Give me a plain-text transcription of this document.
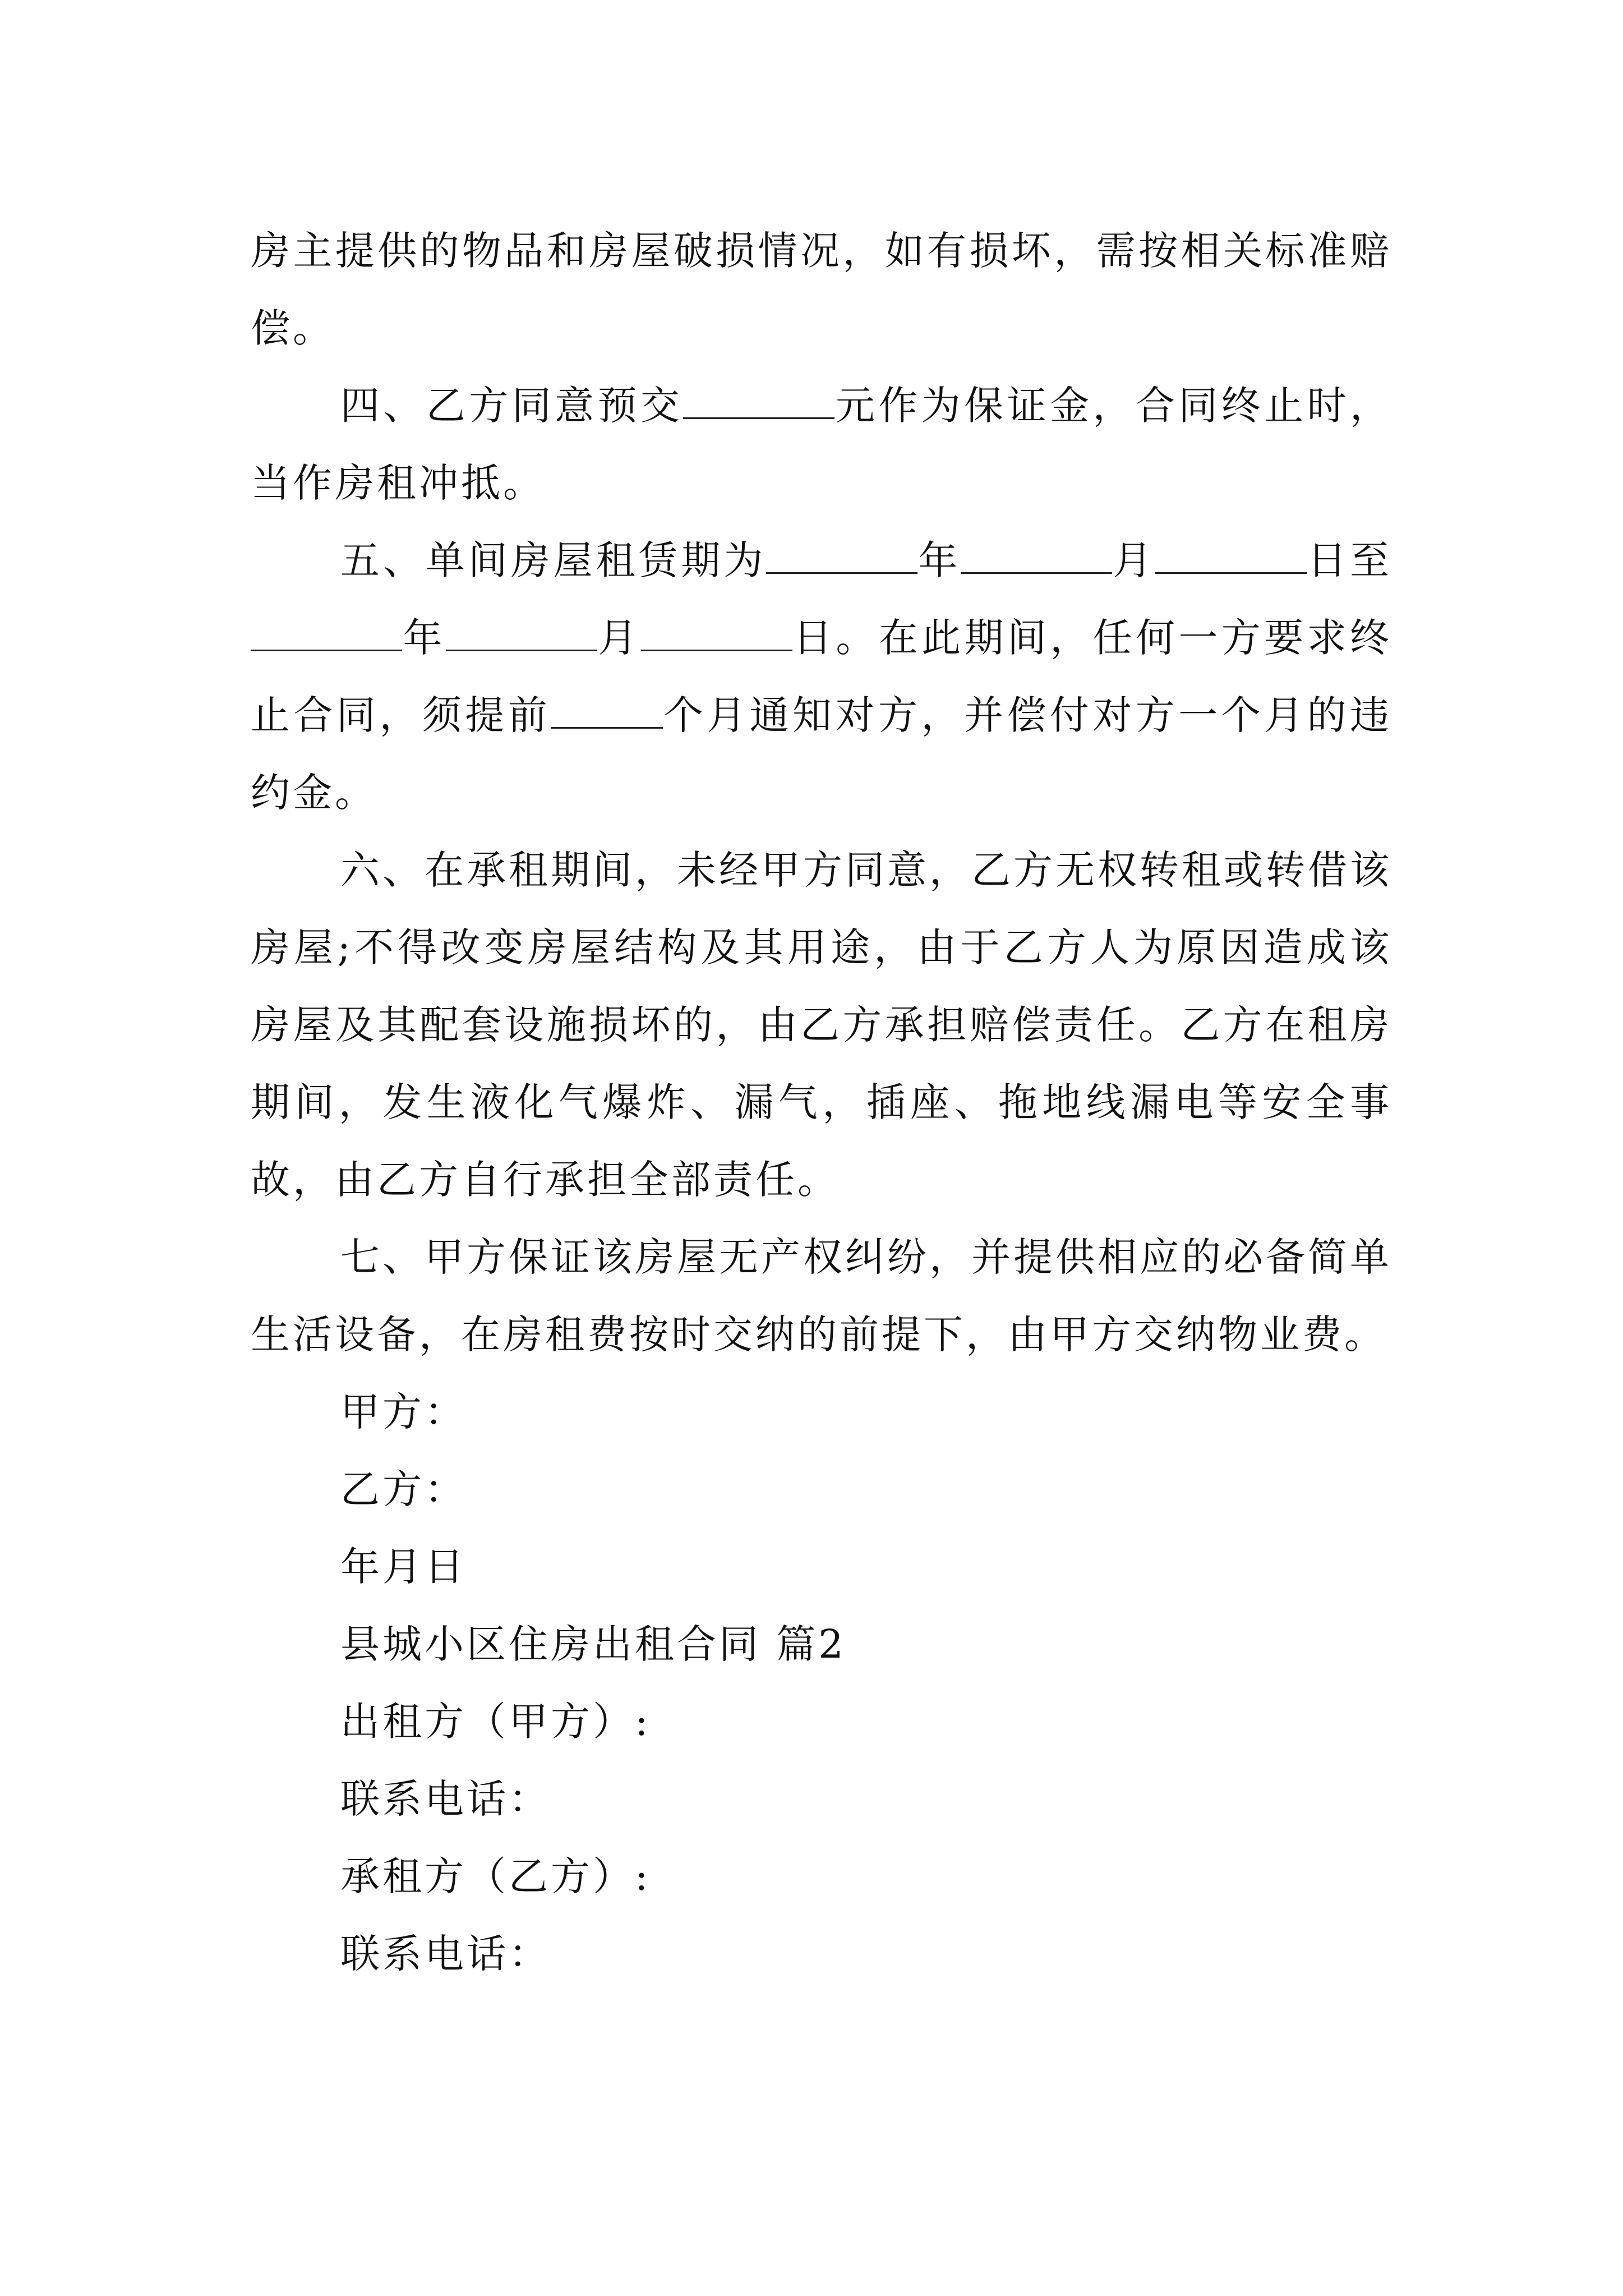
房主提供的物品和房屋破损情况，如有损坏，需按相关标准赔偿。

四、乙方同意预交	元作为保证金，合同终止时，当作房租冲抵。

五、单间房屋租赁期为	年	月	日至年	月	日。在此期间，任何一方要求终止合同，须提前	个月通知对方，并偿付对方一个月的违约金。

六、在承租期间，未经甲方同意，乙方无权转租或转借该房屋;不得改变房屋结构及其用途，由于乙方人为原因造成该房屋及其配套设施损坏的，由乙方承担赔偿责任。乙方在租房期间，发生液化气爆炸、漏气，插座、拖地线漏电等安全事故，由乙方自行承担全部责任。

七、甲方保证该房屋无产权纠纷，并提供相应的必备简单生活设备，在房租费按时交纳的前提下，由甲方交纳物业费。

甲方：

乙方：

年月日

县城小区住房出租合同 篇2

出租方（甲方）:

联系电话：

承租方（乙方）:

联系电话：
